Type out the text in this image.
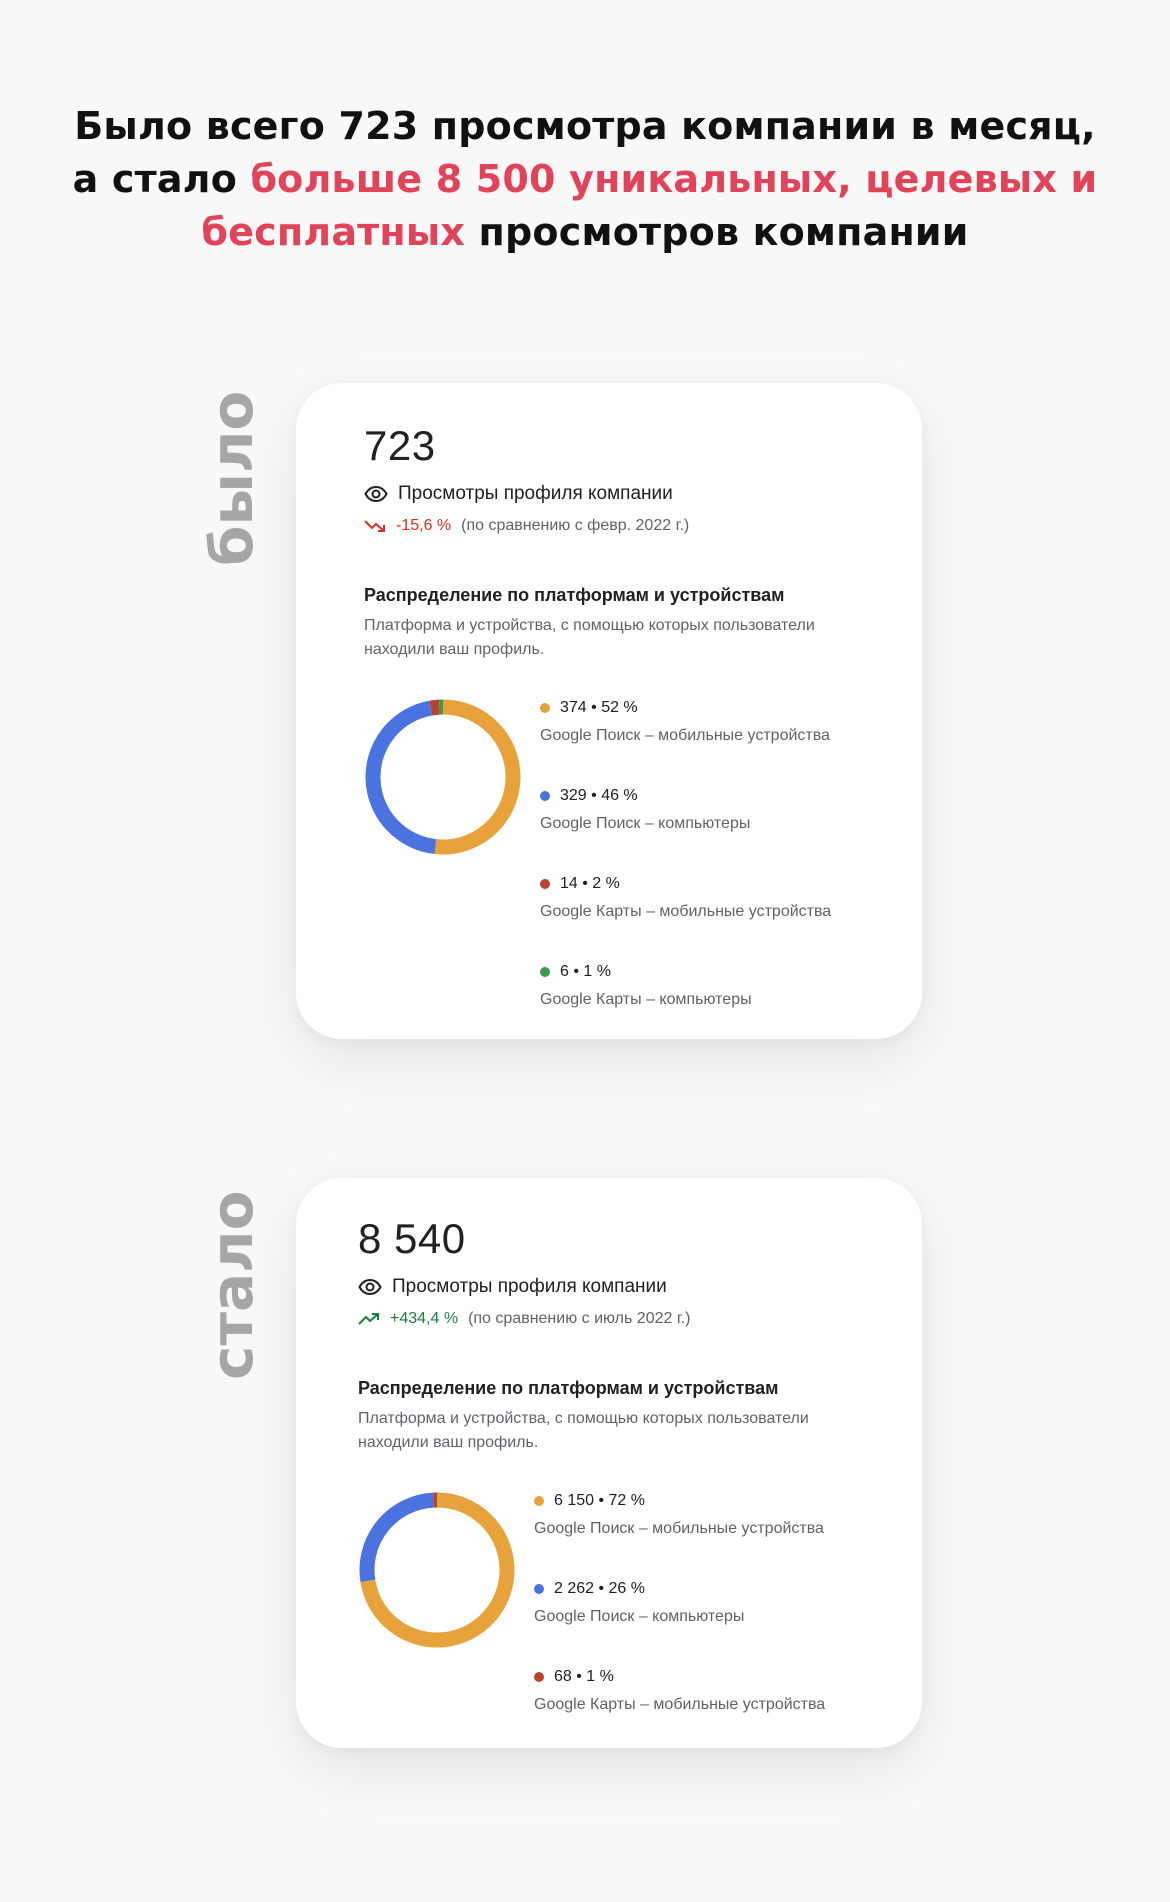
Было всего 723 просмотра компании в месяц,
а стало больше 8 500 уникальных, целевых и бесплатных просмотров компании
было
стало
723
Просмотры профиля компании
-15,6 % (по сравнению с февр. 2022 г.)
Распределение по платформам и устройствам
Платформа и устройства, с помощью которых пользователи находили ваш профиль.
374 • 52 %
Google Поиск – мобильные устройства
329 • 46 %
Google Поиск – компьютеры
14 • 2 %
Google Карты – мобильные устройства
6 • 1 %
Google Карты – компьютеры
8 540
Просмотры профиля компании
+434,4 % (по сравнению с июль 2022 г.)
Распределение по платформам и устройствам
Платформа и устройства, с помощью которых пользователи находили ваш профиль.
6 150 • 72 %
Google Поиск – мобильные устройства
2 262 • 26 %
Google Поиск – компьютеры
68 • 1 %
Google Карты – мобильные устройства
